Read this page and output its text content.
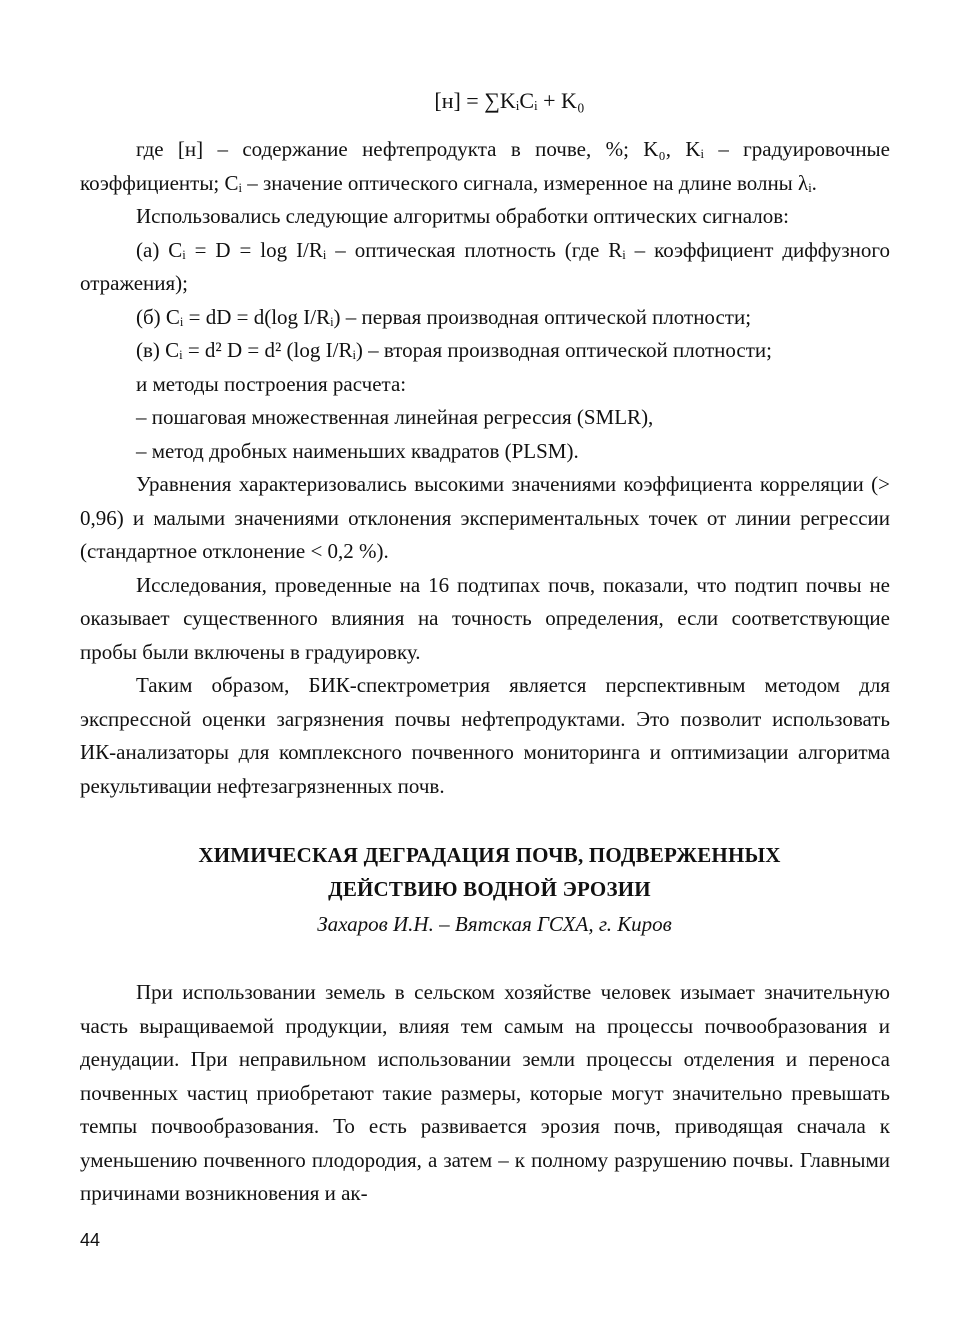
[н] = ∑KᵢCᵢ + K₀

где [н] – содержание нефтепродукта в почве, %; K₀, Kᵢ – градуировочные коэффициенты; Cᵢ – значение оптического сигнала, измеренное на длине волны λᵢ.

Использовались следующие алгоритмы обработки оптических сигналов:

(а) Cᵢ = D = log I/Rᵢ – оптическая плотность (где Rᵢ – коэффициент диффузного отражения);

(б) Cᵢ = dD = d(log I/Rᵢ) – первая производная оптической плотности;

(в) Cᵢ = d² D = d² (log I/Rᵢ) – вторая производная оптической плотности;

и методы построения расчета:

– пошаговая множественная линейная регрессия (SMLR),

– метод дробных наименьших квадратов (PLSM).

Уравнения характеризовались высокими значениями коэффициента корреляции (> 0,96) и малыми значениями отклонения экспериментальных точек от линии регрессии (стандартное отклонение < 0,2 %).

Исследования, проведенные на 16 подтипах почв, показали, что подтип почвы не оказывает существенного влияния на точность определения, если соответствующие пробы были включены в градуировку.

Таким образом, БИК-спектрометрия является перспективным методом для экспрессной оценки загрязнения почвы нефтепродуктами. Это позволит использовать ИК-анализаторы для комплексного почвенного мониторинга и оптимизации алгоритма рекультивации нефтезагрязненных почв.

ХИМИЧЕСКАЯ ДЕГРАДАЦИЯ ПОЧВ, ПОДВЕРЖЕННЫХ
ДЕЙСТВИЮ ВОДНОЙ ЭРОЗИИ
Захаров И.Н. – Вятская ГСХА, г. Киров

При использовании земель в сельском хозяйстве человек изымает значительную часть выращиваемой продукции, влияя тем самым на процессы почвообразования и денудации. При неправильном использовании земли процессы отделения и переноса почвенных частиц приобретают такие размеры, которые могут значительно превышать темпы почвообразования. То есть развивается эрозия почв, приводящая сначала к уменьшению почвенного плодородия, а затем – к полному разрушению почвы. Главными причинами возникновения и ак-

44
